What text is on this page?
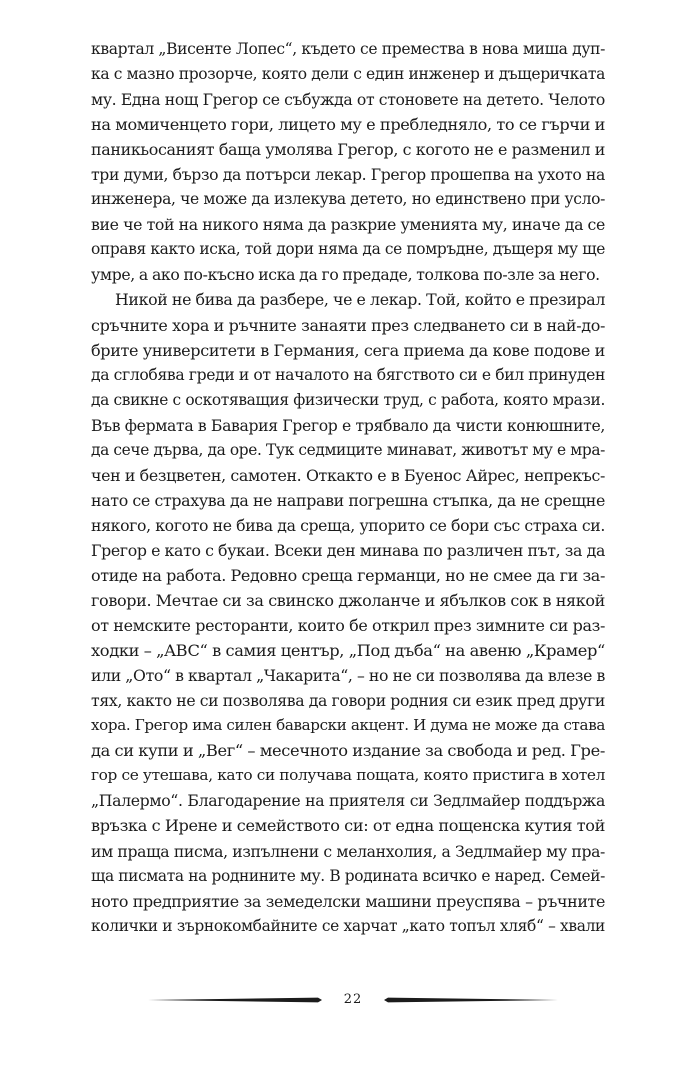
квартал „Висенте Лопес“, където се премества в нова миша дуп-
ка с мазно прозорче, която дели с един инженер и дъщеричката
му. Една нощ Грегор се събужда от стоновете на детето. Челото
на момиченцето гори, лицето му е пребледняло, то се гърчи и
паникьосаният баща умолява Грегор, с когото не е разменил и
три думи, бързо да потърси лекар. Грегор прошепва на ухото на
инженера, че може да излекува детето, но единствено при усло-
вие че той на никого няма да разкрие уменията му, иначе да се
оправя както иска, той дори няма да се помръдне, дъщеря му ще
умре, а ако по-късно иска да го предаде, толкова по-зле за него.
Никой не бива да разбере, че е лекар. Той, който е презирал
сръчните хора и ръчните занаяти през следването си в най-до-
брите университети в Германия, сега приема да кове подове и
да сглобява греди и от началото на бягството си е бил принуден
да свикне с оскотяващия физически труд, с работа, която мрази.
Във фермата в Бавария Грегор е трябвало да чисти конюшните,
да сече дърва, да оре. Тук седмиците минават, животът му е мра-
чен и безцветен, самотен. Откакто е в Буенос Айрес, непрекъс-
нато се страхува да не направи погрешна стъпка, да не срещне
някого, когото не бива да среща, упорито се бори със страха си.
Грегор е като с букаи. Всеки ден минава по различен път, за да
отиде на работа. Редовно среща германци, но не смее да ги за-
говори. Мечтае си за свинско джоланче и ябълков сок в някой
от немските ресторанти, които бе открил през зимните си раз-
ходки – „ABC“ в самия център, „Под дъба“ на авеню „Крамер“
или „Ото“ в квартал „Чакарита“, – но не си позволява да влезе в
тях, както не си позволява да говори родния си език пред други
хора. Грегор има силен баварски акцент. И дума не може да става
да си купи и „Вег“ – месечното издание за свобода и ред. Гре-
гор се утешава, като си получава пощата, която пристига в хотел
„Палермо“. Благодарение на приятеля си Зедлмайер поддържа
връзка с Ирене и семейството си: от една пощенска кутия той
им праща писма, изпълнени с меланхолия, а Зедлмайер му пра-
ща писмата на роднините му. В родината всичко е наред. Семей-
ното предприятие за земеделски машини преуспява – ръчните
колички и зърнокомбайните се харчат „като топъл хляб“ – хвали
22
